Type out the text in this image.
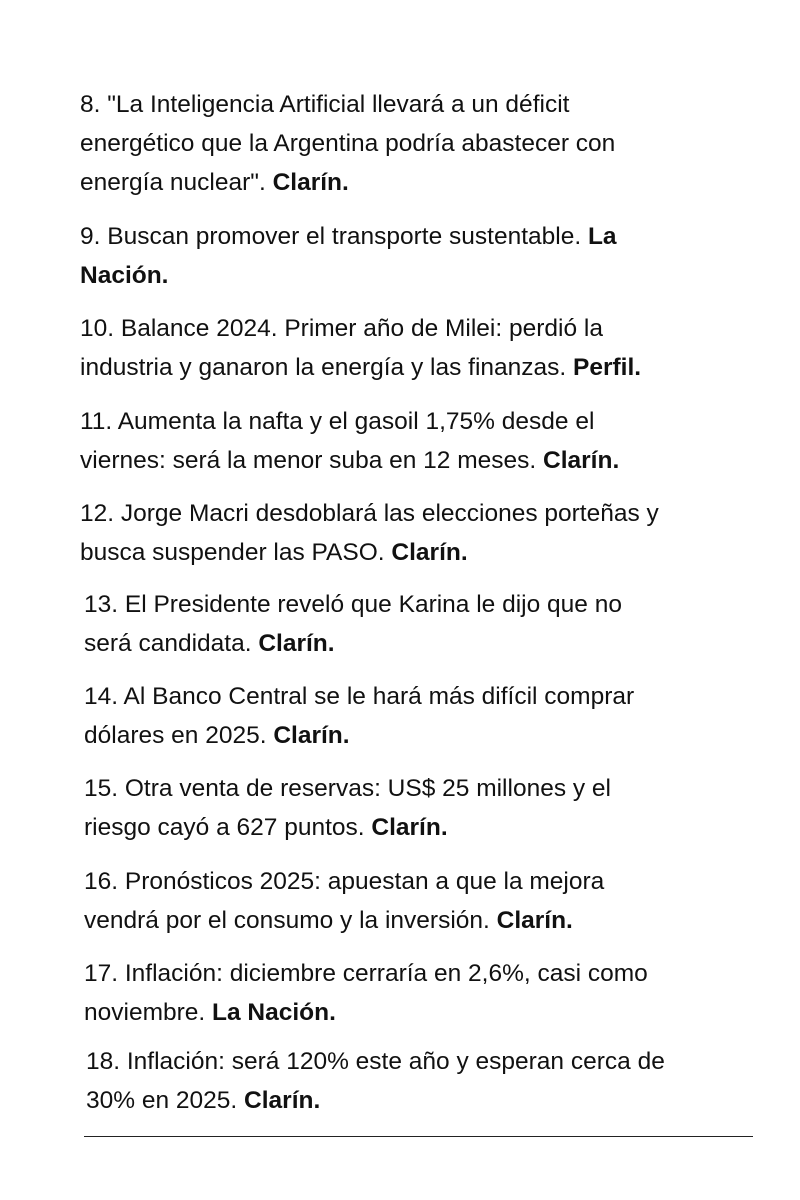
8. "La Inteligencia Artificial llevará a un déficit
energético que la Argentina podría abastecer con
energía nuclear". Clarín.

9. Buscan promover el transporte sustentable. La
Nación.

10. Balance 2024. Primer año de Milei: perdió la
industria y ganaron la energía y las finanzas. Perfil.

11. Aumenta la nafta y el gasoil 1,75% desde el
viernes: será la menor suba en 12 meses. Clarín.

12. Jorge Macri desdoblará las elecciones porteñas y
busca suspender las PASO. Clarín.

13. El Presidente reveló que Karina le dijo que no
será candidata. Clarín.

14. Al Banco Central se le hará más difícil comprar
dólares en 2025. Clarín.

15. Otra venta de reservas: US$ 25 millones y el
riesgo cayó a 627 puntos. Clarín.

16. Pronósticos 2025: apuestan a que la mejora
vendrá por el consumo y la inversión. Clarín.

17. Inflación: diciembre cerraría en 2,6%, casi como
noviembre. La Nación.

18. Inflación: será 120% este año y esperan cerca de
30% en 2025. Clarín.
